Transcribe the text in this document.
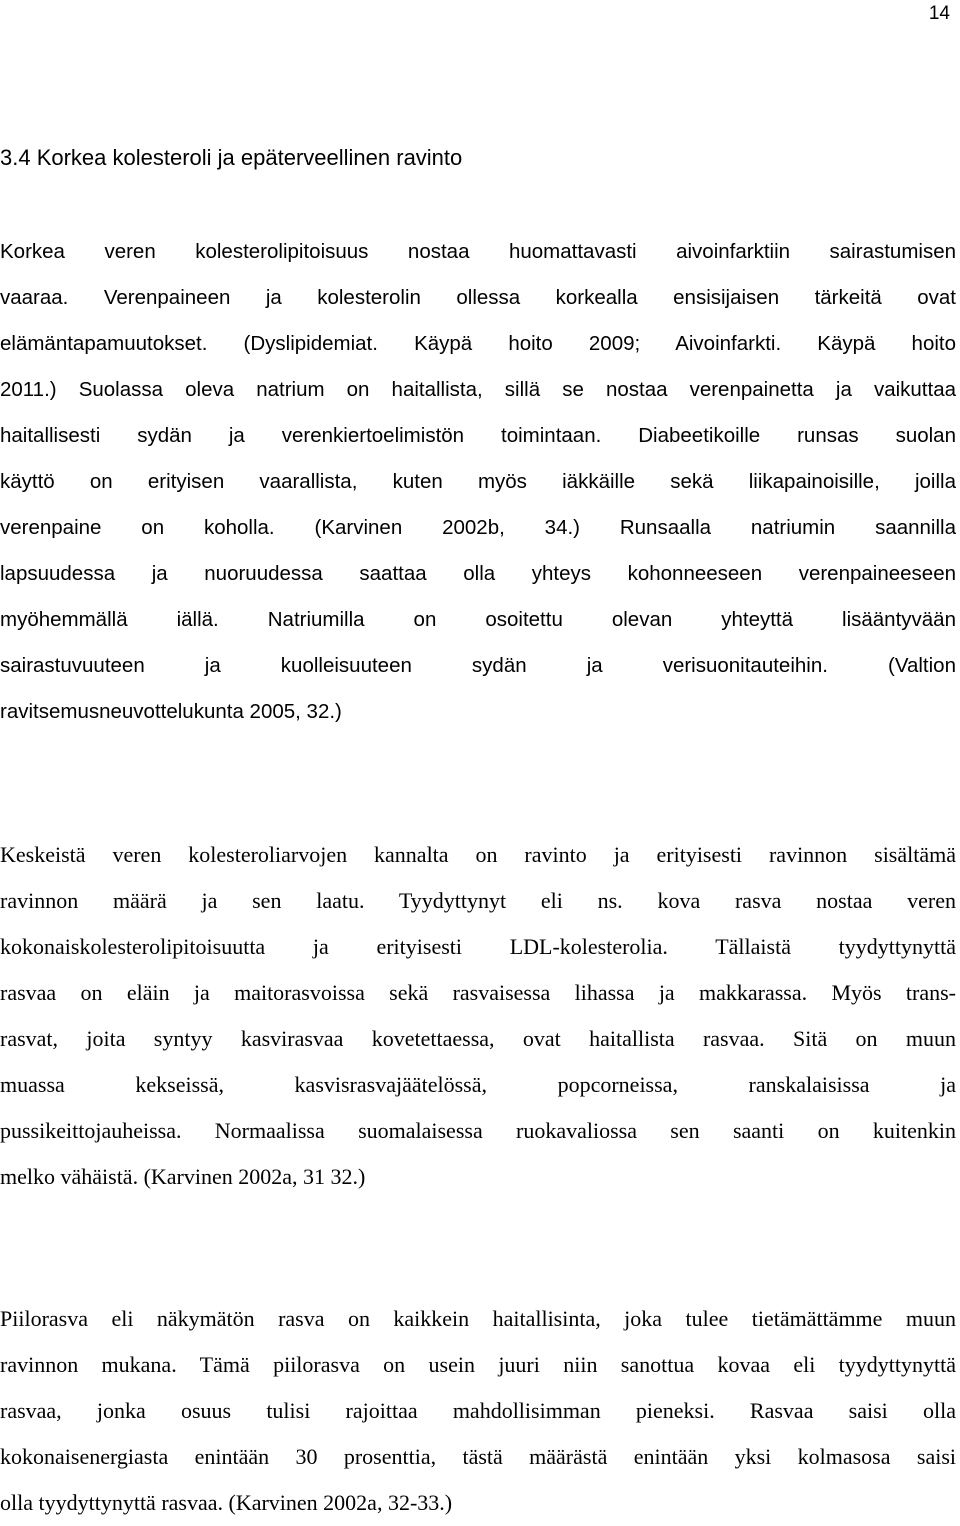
14

3.4 Korkea kolesteroli ja epäterveellinen ravinto
Korkea veren kolesterolipitoisuus nostaa huomattavasti aivoinfarktiin sairastumisen
vaaraa. Verenpaineen ja kolesterolin ollessa korkealla ensisijaisen tärkeitä ovat
elämäntapamuutokset. (Dyslipidemiat. Käypä hoito 2009; Aivoinfarkti. Käypä hoito
2011.) Suolassa oleva natrium on haitallista, sillä se nostaa verenpainetta ja vaikuttaa
haitallisesti sydän ja verenkiertoelimistön toimintaan. Diabeetikoille runsas suolan
käyttö on erityisen vaarallista, kuten myös iäkkäille sekä liikapainoisille, joilla
verenpaine on koholla. (Karvinen 2002b, 34.) Runsaalla natriumin saannilla
lapsuudessa ja nuoruudessa saattaa olla yhteys kohonneeseen verenpaineeseen
myöhemmällä iällä. Natriumilla on osoitettu olevan yhteyttä lisääntyvään
sairastuvuuteen ja kuolleisuuteen sydän ja verisuonitauteihin. (Valtion
ravitsemusneuvottelukunta 2005, 32.)
Keskeistä veren kolesteroliarvojen kannalta on ravinto ja erityisesti ravinnon sisältämä
ravinnon määrä ja sen laatu. Tyydyttynyt eli ns. kova rasva nostaa veren
kokonaiskolesterolipitoisuutta ja erityisesti LDL-kolesterolia. Tällaistä tyydyttynyttä
rasvaa on eläin ja maitorasvoissa sekä rasvaisessa lihassa ja makkarassa. Myös trans-
rasvat, joita syntyy kasvirasvaa kovetettaessa, ovat haitallista rasvaa. Sitä on muun
muassa kekseissä, kasvisrasvajäätelössä, popcorneissa, ranskalaisissa ja
pussikeittojauheissa. Normaalissa suomalaisessa ruokavaliossa sen saanti on kuitenkin
melko vähäistä. (Karvinen 2002a, 31 32.)
Piilorasva eli näkymätön rasva on kaikkein haitallisinta, joka tulee tietämättämme muun
ravinnon mukana. Tämä piilorasva on usein juuri niin sanottua kovaa eli tyydyttynyttä
rasvaa, jonka osuus tulisi rajoittaa mahdollisimman pieneksi. Rasvaa saisi olla
kokonaisenergiasta enintään 30 prosenttia, tästä määrästä enintään yksi kolmasosa saisi
olla tyydyttynyttä rasvaa. (Karvinen 2002a, 32-33.)
